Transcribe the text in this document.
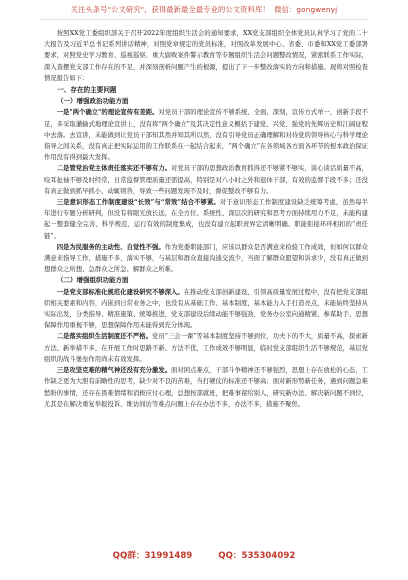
关注头条号"公文研究"，获得最新最全最专业的公文资料库！
微信：gongwenyj

按照XX党工委组织部关于召开2022年度组织生活会的通知要求，XX党支部组织全体党员认真学习了党的二十大报告及习近平总书记系列讲话精神，对照党章规定的党员标准，对照改革发展中心、省委、市委和XX党工委部署要求，对照党史学习教育、巡视巡察、重大腐败案件警示教育等专题组织生活会问题整改情况，紧密联系工作实际，深入查摆党支部工作存在的不足，并深刻剖析问题产生的根源，提出了下一步整改落实的方向和措施。现将对照检查情况报告如下：

一、存在的主要问题

（一）增强政治功能方面

一是"两个确立"的理论宣传有差距。对党员干部的理论宣传不够系统、全面、深刻，宣传方式单一，创新手段不足，多采取灌输式地理论宣讲上，没有将"两个确立"及其决定性意义概括于建党、兴党、强党的先辉历史和江阔征程中去落。去宣讲，未能做到让党员干部知其然并知其所以然，没有引导党员正确理解和对待党的领导核心与科学理论指导之间关系，没有真正把实际运用的工作联系在一起结合起来，“两个确立”在各领域各方面各环节的根本政治保证作用没有得到最大发挥。

二是管党治党主体责任落实还不够有力。对党员干部的思想政治教育抓得还不够紧不够实，谈心谈话质量不高，咬耳扯袖不够及时经常，日常监督管理质量还需提高，特别是对八小时之外和退休干部，有效的监督手段不多；还没有真正做到抓早抓小、动辄则咎，导致一些问题发现不及时，督促整改不够有力。

三是意识形态工作制度建设“长效”与“常效”结合不够紧。对于意识形态工作制度建设缺乏统筹考虑，虽然每半年进行专题分析研判，但没有将眼光放长远，在全方位、系统性、深层次的研究和思考方面持续用力不足，未能构建起一整套健全完善、科学规范、运行有效的制度集成，也没有建立起职责界定清晰明确、职能衔接环环相扣的“责任链”。

四是为民服务的主动性、自觉性不强。作为党委职能部门，应该以群众是否满意来检验工作成效，但如何以群众满意来指导工作，措施不多，落实不够，与基层和群众直接沟通交流少，当面了解群众愿望和诉求少，没有真正做到想群众之所想、急群众之所急、解群众之所难。

（二）增强组织功能方面

一是党支部标准化规范化建设研究不够深入。在推动党支部创新建设、引领高质量发展过程中，没有把党支部组织相关要素和内容，内嵌到日常业务之中，也没有从基础工作、基本制度、基本能力入手打造亮点，未能始终坚持从实际出发，分类指导、精准施策、统筹推进，党支部建设后续动能不够强劲，党务办公室向通精紧、参谋助手、思想保障作用重视不够，思想保障作用未能得到充分体现。

二是落实组织生活制度还不严格。党员“三会一课”等基本制度坚持不够到位，功夫下的不大，质量不高，探索新方法、新举措不多，在开展工作时思路不新、方法不优，工作成效不够明显，临时党支部组织生活不够规范，基层党组织的战斗堡垒作用尚未有效发挥。

三是攻坚克难的精气神还没有充分激发。面对困点难点，干部斗争精神还不够强烈，思想上存在放松的心态，工作缺乏更为大胆有前瞻性的思考，缺少对不良的苦难，当打硬仗的标准还不够高；面对新形势新任务，遇到问题急难愁盼的事情，还存在畏难情绪和消极应付心理，总想按部就班，把难事留给别人，研究新办法、解决新问题不到位，尤其是在解决重复举报投诉、维访间访等难点问题上存在办法不多，办法不多，措施不聚焦。

QQ群：31991489	QQ：535304092
